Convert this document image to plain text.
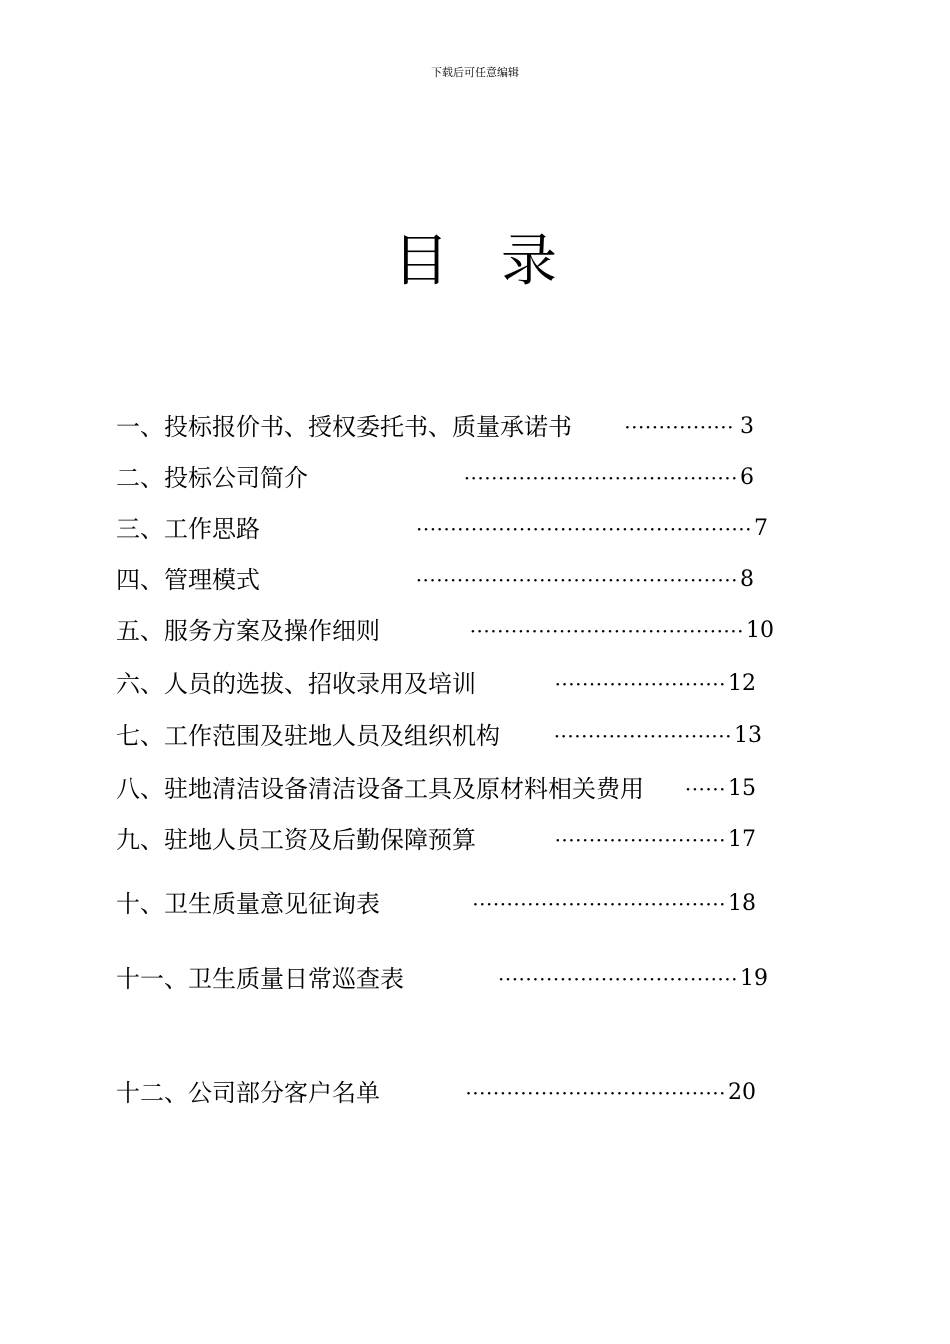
下载后可任意编辑
目录
一、投标报价书、授权委托书、质量承诺书	················ 3
二、投标公司简介	········································ 6
三、工作思路	················································· 7
四、管理模式	··············································· 8
五、服务方案及操作细则	········································ 10
六、人员的选拔、招收录用及培训	························· 12
七、工作范围及驻地人员及组织机构	·························· 13
八、驻地清洁设备清洁设备工具及原材料相关费用	······ 15
九、驻地人员工资及后勤保障预算	························· 17
十、卫生质量意见征询表	····································· 18
十一、卫生质量日常巡查表	··································· 19
十二、公司部分客户名单	······································ 20
